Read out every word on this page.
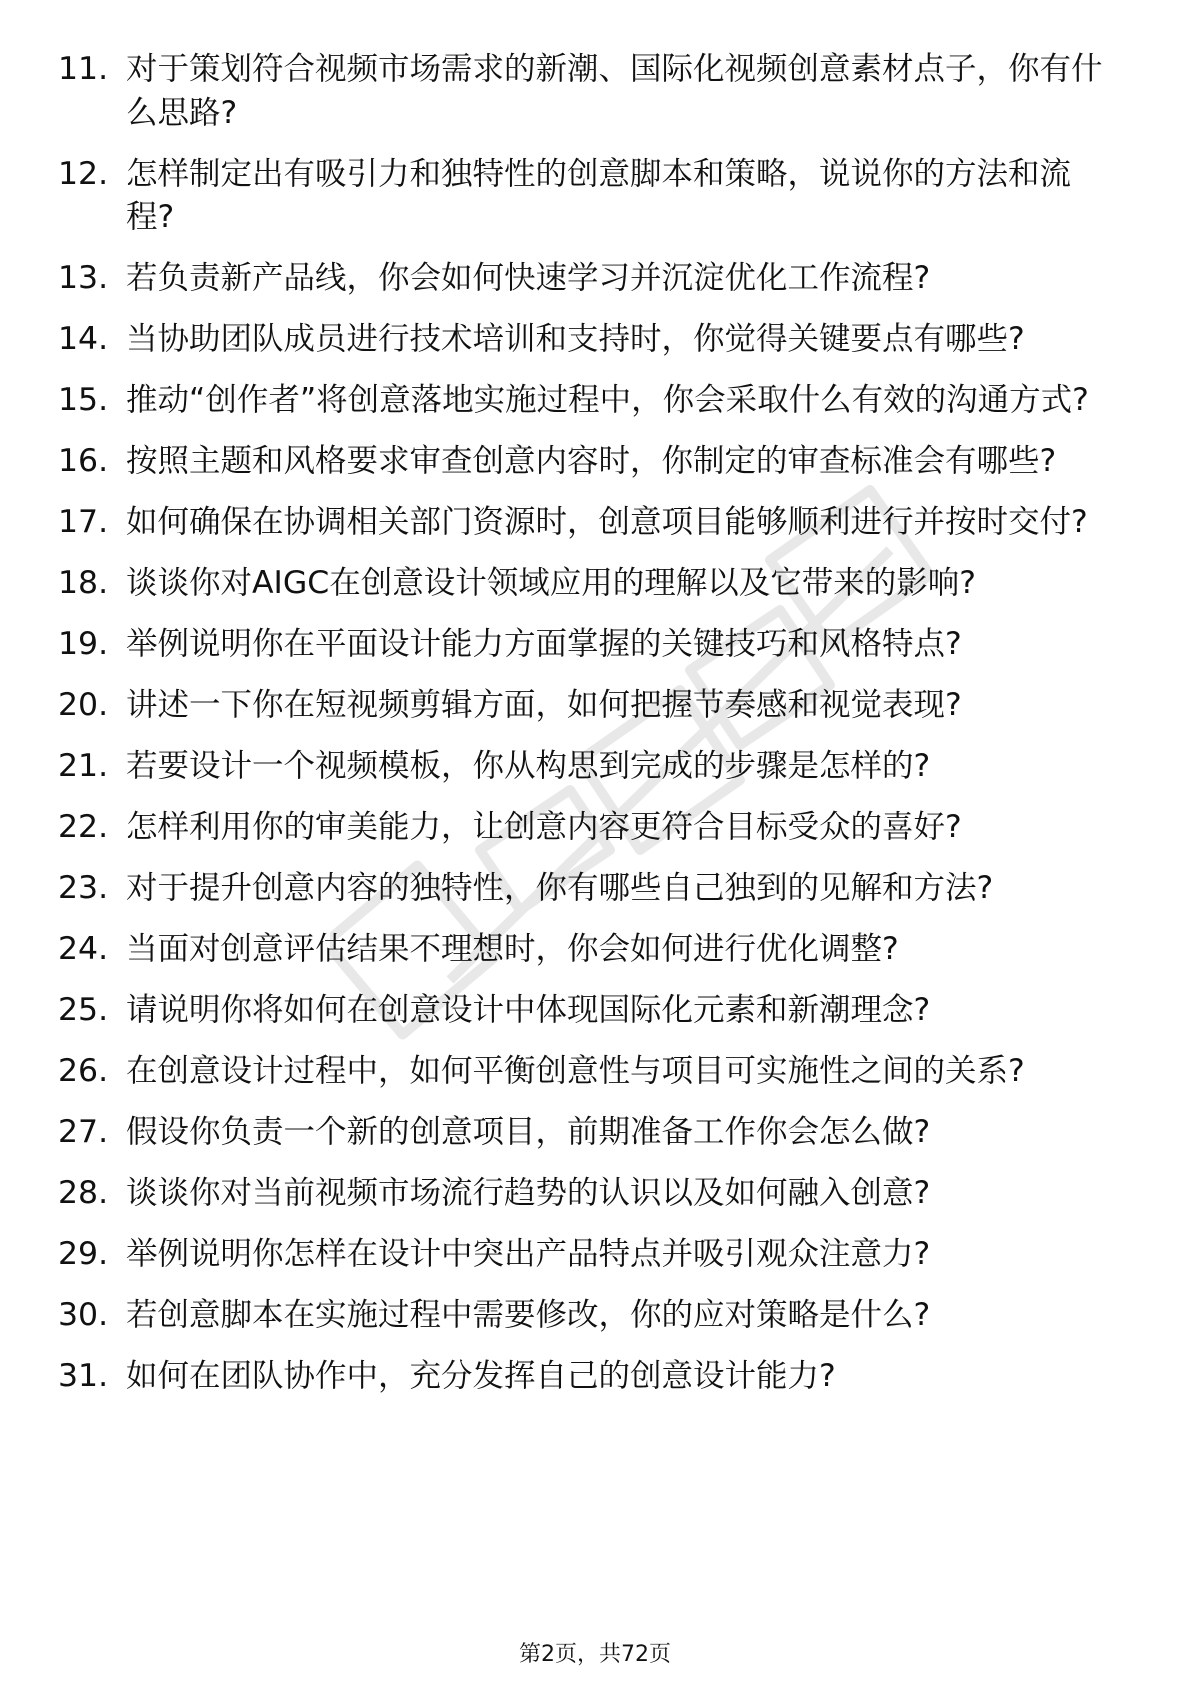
11. 对于策划符合视频市场需求的新潮、国际化视频创意素材点子，你有什么思路?
12. 怎样制定出有吸引力和独特性的创意脚本和策略，说说你的方法和流程?
13. 若负责新产品线，你会如何快速学习并沉淀优化工作流程?
14. 当协助团队成员进行技术培训和支持时，你觉得关键要点有哪些?
15. 推动“创作者”将创意落地实施过程中，你会采取什么有效的沟通方式?
16. 按照主题和风格要求审查创意内容时，你制定的审查标准会有哪些?
17. 如何确保在协调相关部门资源时，创意项目能够顺利进行并按时交付?
18. 谈谈你对AIGC在创意设计领域应用的理解以及它带来的影响?
19. 举例说明你在平面设计能力方面掌握的关键技巧和风格特点?
20. 讲述一下你在短视频剪辑方面，如何把握节奏感和视觉表现?
21. 若要设计一个视频模板，你从构思到完成的步骤是怎样的?
22. 怎样利用你的审美能力，让创意内容更符合目标受众的喜好?
23. 对于提升创意内容的独特性，你有哪些自己独到的见解和方法?
24. 当面对创意评估结果不理想时，你会如何进行优化调整?
25. 请说明你将如何在创意设计中体现国际化元素和新潮理念?
26. 在创意设计过程中，如何平衡创意性与项目可实施性之间的关系?
27. 假设你负责一个新的创意项目，前期准备工作你会怎么做?
28. 谈谈你对当前视频市场流行趋势的认识以及如何融入创意?
29. 举例说明你怎样在设计中突出产品特点并吸引观众注意力?
30. 若创意脚本在实施过程中需要修改，你的应对策略是什么?
31. 如何在团队协作中，充分发挥自己的创意设计能力?
第2页，共72页
